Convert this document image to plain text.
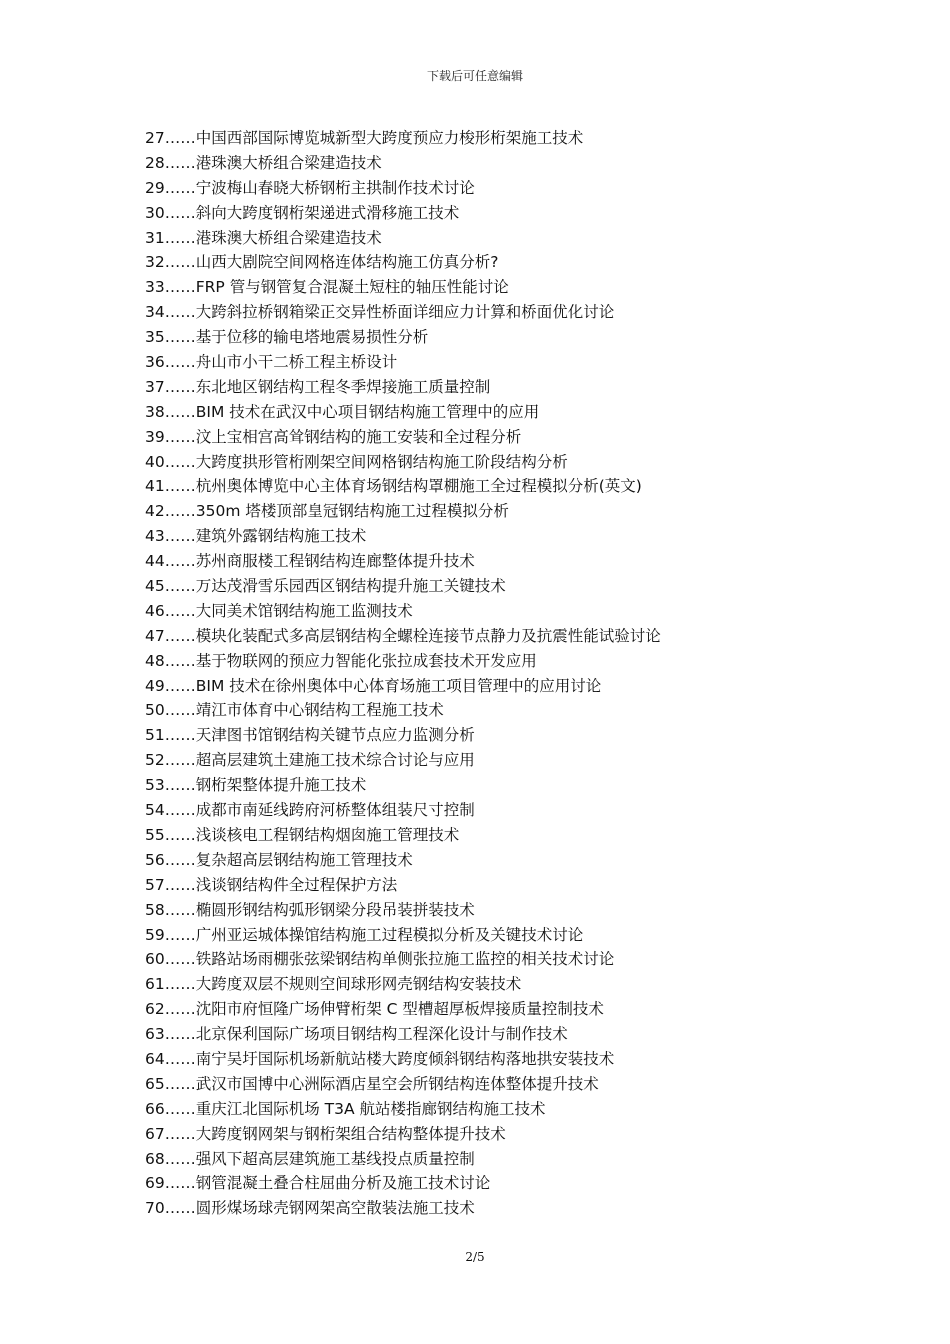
下载后可任意编辑
27……中国西部国际博览城新型大跨度预应力梭形桁架施工技术
28……港珠澳大桥组合梁建造技术
29……宁波梅山春晓大桥钢桁主拱制作技术讨论
30……斜向大跨度钢桁架递进式滑移施工技术
31……港珠澳大桥组合梁建造技术
32……山西大剧院空间网格连体结构施工仿真分析?
33……FRP 管与钢管复合混凝土短柱的轴压性能讨论
34……大跨斜拉桥钢箱梁正交异性桥面详细应力计算和桥面优化讨论
35……基于位移的输电塔地震易损性分析
36……舟山市小干二桥工程主桥设计
37……东北地区钢结构工程冬季焊接施工质量控制
38……BIM 技术在武汉中心项目钢结构施工管理中的应用
39……汶上宝相宫高耸钢结构的施工安装和全过程分析
40……大跨度拱形管桁刚架空间网格钢结构施工阶段结构分析
41……杭州奥体博览中心主体育场钢结构罩棚施工全过程模拟分析(英文)
42……350m 塔楼顶部皇冠钢结构施工过程模拟分析
43……建筑外露钢结构施工技术
44……苏州商服楼工程钢结构连廊整体提升技术
45……万达茂滑雪乐园西区钢结构提升施工关键技术
46……大同美术馆钢结构施工监测技术
47……模块化装配式多高层钢结构全螺栓连接节点静力及抗震性能试验讨论
48……基于物联网的预应力智能化张拉成套技术开发应用
49……BIM 技术在徐州奥体中心体育场施工项目管理中的应用讨论
50……靖江市体育中心钢结构工程施工技术
51……天津图书馆钢结构关键节点应力监测分析
52……超高层建筑土建施工技术综合讨论与应用
53……钢桁架整体提升施工技术
54……成都市南延线跨府河桥整体组装尺寸控制
55……浅谈核电工程钢结构烟囱施工管理技术
56……复杂超高层钢结构施工管理技术
57……浅谈钢结构件全过程保护方法
58……椭圆形钢结构弧形钢梁分段吊装拼装技术
59……广州亚运城体操馆结构施工过程模拟分析及关键技术讨论
60……铁路站场雨棚张弦梁钢结构单侧张拉施工监控的相关技术讨论
61……大跨度双层不规则空间球形网壳钢结构安装技术
62……沈阳市府恒隆广场伸臂桁架 C 型槽超厚板焊接质量控制技术
63……北京保利国际广场项目钢结构工程深化设计与制作技术
64……南宁吴圩国际机场新航站楼大跨度倾斜钢结构落地拱安装技术
65……武汉市国博中心洲际酒店星空会所钢结构连体整体提升技术
66……重庆江北国际机场 T3A 航站楼指廊钢结构施工技术
67……大跨度钢网架与钢桁架组合结构整体提升技术
68……强风下超高层建筑施工基线投点质量控制
69……钢管混凝土叠合柱屈曲分析及施工技术讨论
70……圆形煤场球壳钢网架高空散装法施工技术
2/5
